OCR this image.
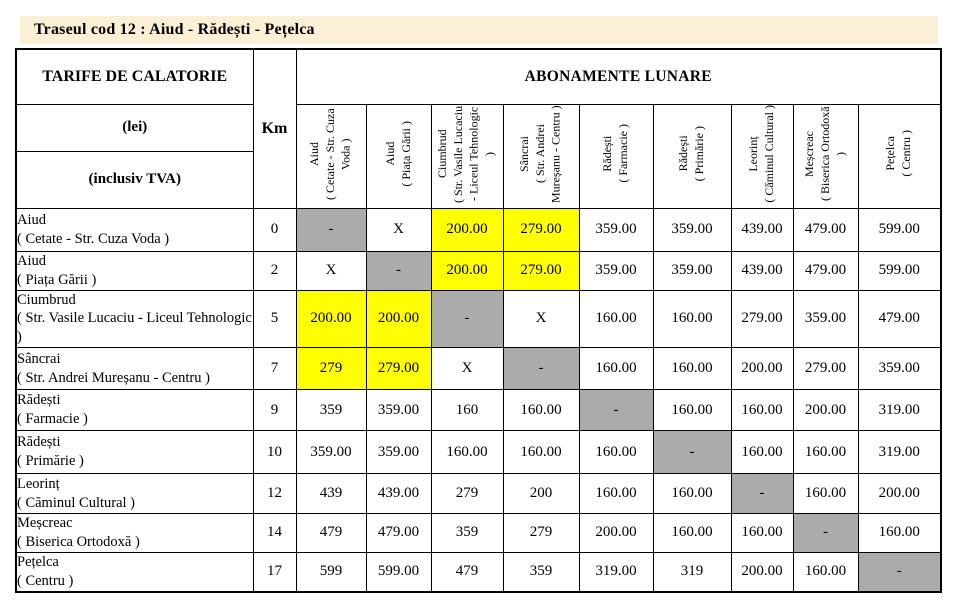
Traseul cod 12 : Aiud - Rădești - Pețelca
TARIFE DE CALATORIE	Km	ABONAMENTE LUNARE								
(lei)		Aiud ( Cetate - Str. Cuza Voda )	Aiud ( Piața Gării )	Ciumbrud ( Str. Vasile Lucaciu - Liceul Tehnologic )	Sâncrai ( Str. Andrei Mureșanu - Centru )	Rădești ( Farmacie )	Rădești ( Primărie )	Leorinț ( Căminul Cultural )	Meșcreac ( Biserica Ortodoxă )	Pețelca ( Centru )

(inclusiv TVA)										

Aiud
( Cetate - Str. Cuza Voda )	0	-	X	200.00	279.00	359.00	359.00	439.00	479.00	599.00

Aiud
( Piața Gării )	2	X	-	200.00	279.00	359.00	359.00	439.00	479.00	599.00

Ciumbrud
( Str. Vasile Lucaciu - Liceul Tehnologic )	5	200.00	200.00	-	X	160.00	160.00	279.00	359.00	479.00

Sâncrai
( Str. Andrei Mureșanu - Centru )	7	279	279.00	X	-	160.00	160.00	200.00	279.00	359.00

Rădești
( Farmacie )	9	359	359.00	160	160.00	-	160.00	160.00	200.00	319.00

Rădești
( Primărie )	10	359.00	359.00	160.00	160.00	160.00	-	160.00	160.00	319.00

Leorinț
( Căminul Cultural )	12	439	439.00	279	200	160.00	160.00	-	160.00	200.00

Meșcreac
( Biserica Ortodoxă )	14	479	479.00	359	279	200.00	160.00	160.00	-	160.00

Pețelca
( Centru )	17	599	599.00	479	359	319.00	319	200.00	160.00	-
